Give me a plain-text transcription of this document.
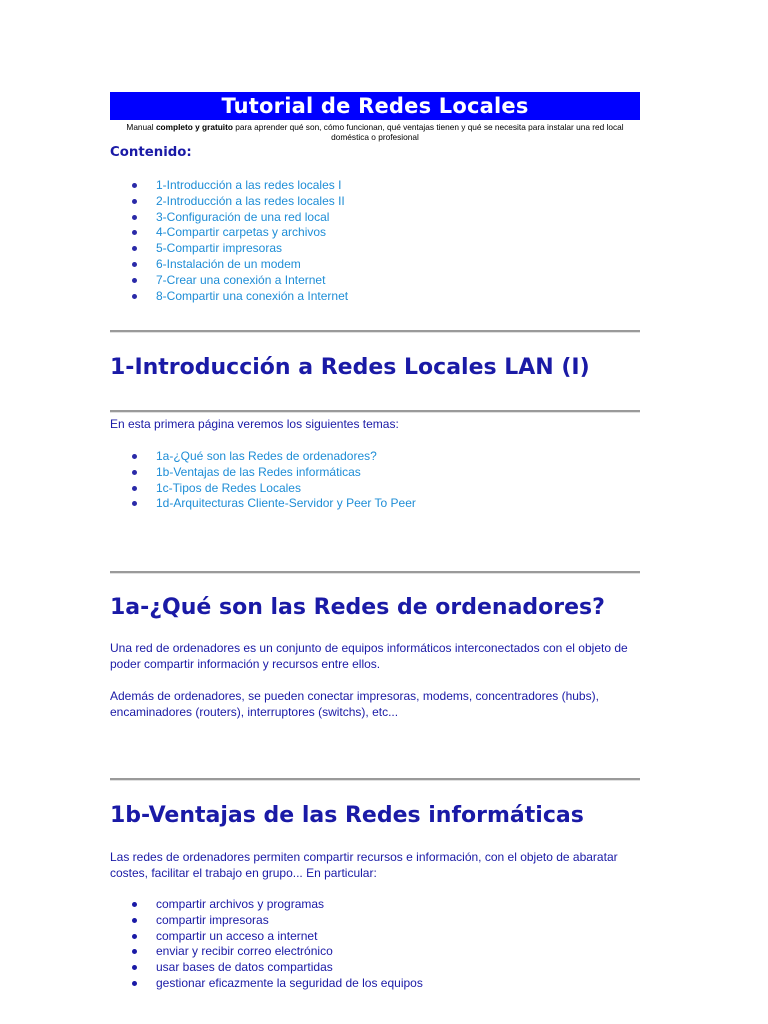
Tutorial de Redes Locales
Manual completo y gratuito para aprender qué son, cómo funcionan, qué ventajas tienen y qué se necesita para instalar una red local doméstica o profesional
Contenido:
1-Introducción a las redes locales I
2-Introducción a las redes locales II
3-Configuración de una red local
4-Compartir carpetas y archivos
5-Compartir impresoras
6-Instalación de un modem
7-Crear una conexión a Internet
8-Compartir una conexión a Internet
1-Introducción a Redes Locales LAN (I)
En esta primera página veremos los siguientes temas:
1a-¿Qué son las Redes de ordenadores?
1b-Ventajas de las Redes informáticas
1c-Tipos de Redes Locales
1d-Arquitecturas Cliente-Servidor y Peer To Peer
1a-¿Qué son las Redes de ordenadores?
Una red de ordenadores es un conjunto de equipos informáticos interconectados con el objeto de poder compartir información y recursos entre ellos.
Además de ordenadores, se pueden conectar impresoras, modems, concentradores (hubs), encaminadores (routers), interruptores (switchs), etc...
1b-Ventajas de las Redes informáticas
Las redes de ordenadores permiten compartir recursos e información, con el objeto de abaratar costes, facilitar el trabajo en grupo... En particular:
compartir archivos y programas
compartir impresoras
compartir un acceso a internet
enviar y recibir correo electrónico
usar bases de datos compartidas
gestionar eficazmente la seguridad de los equipos
